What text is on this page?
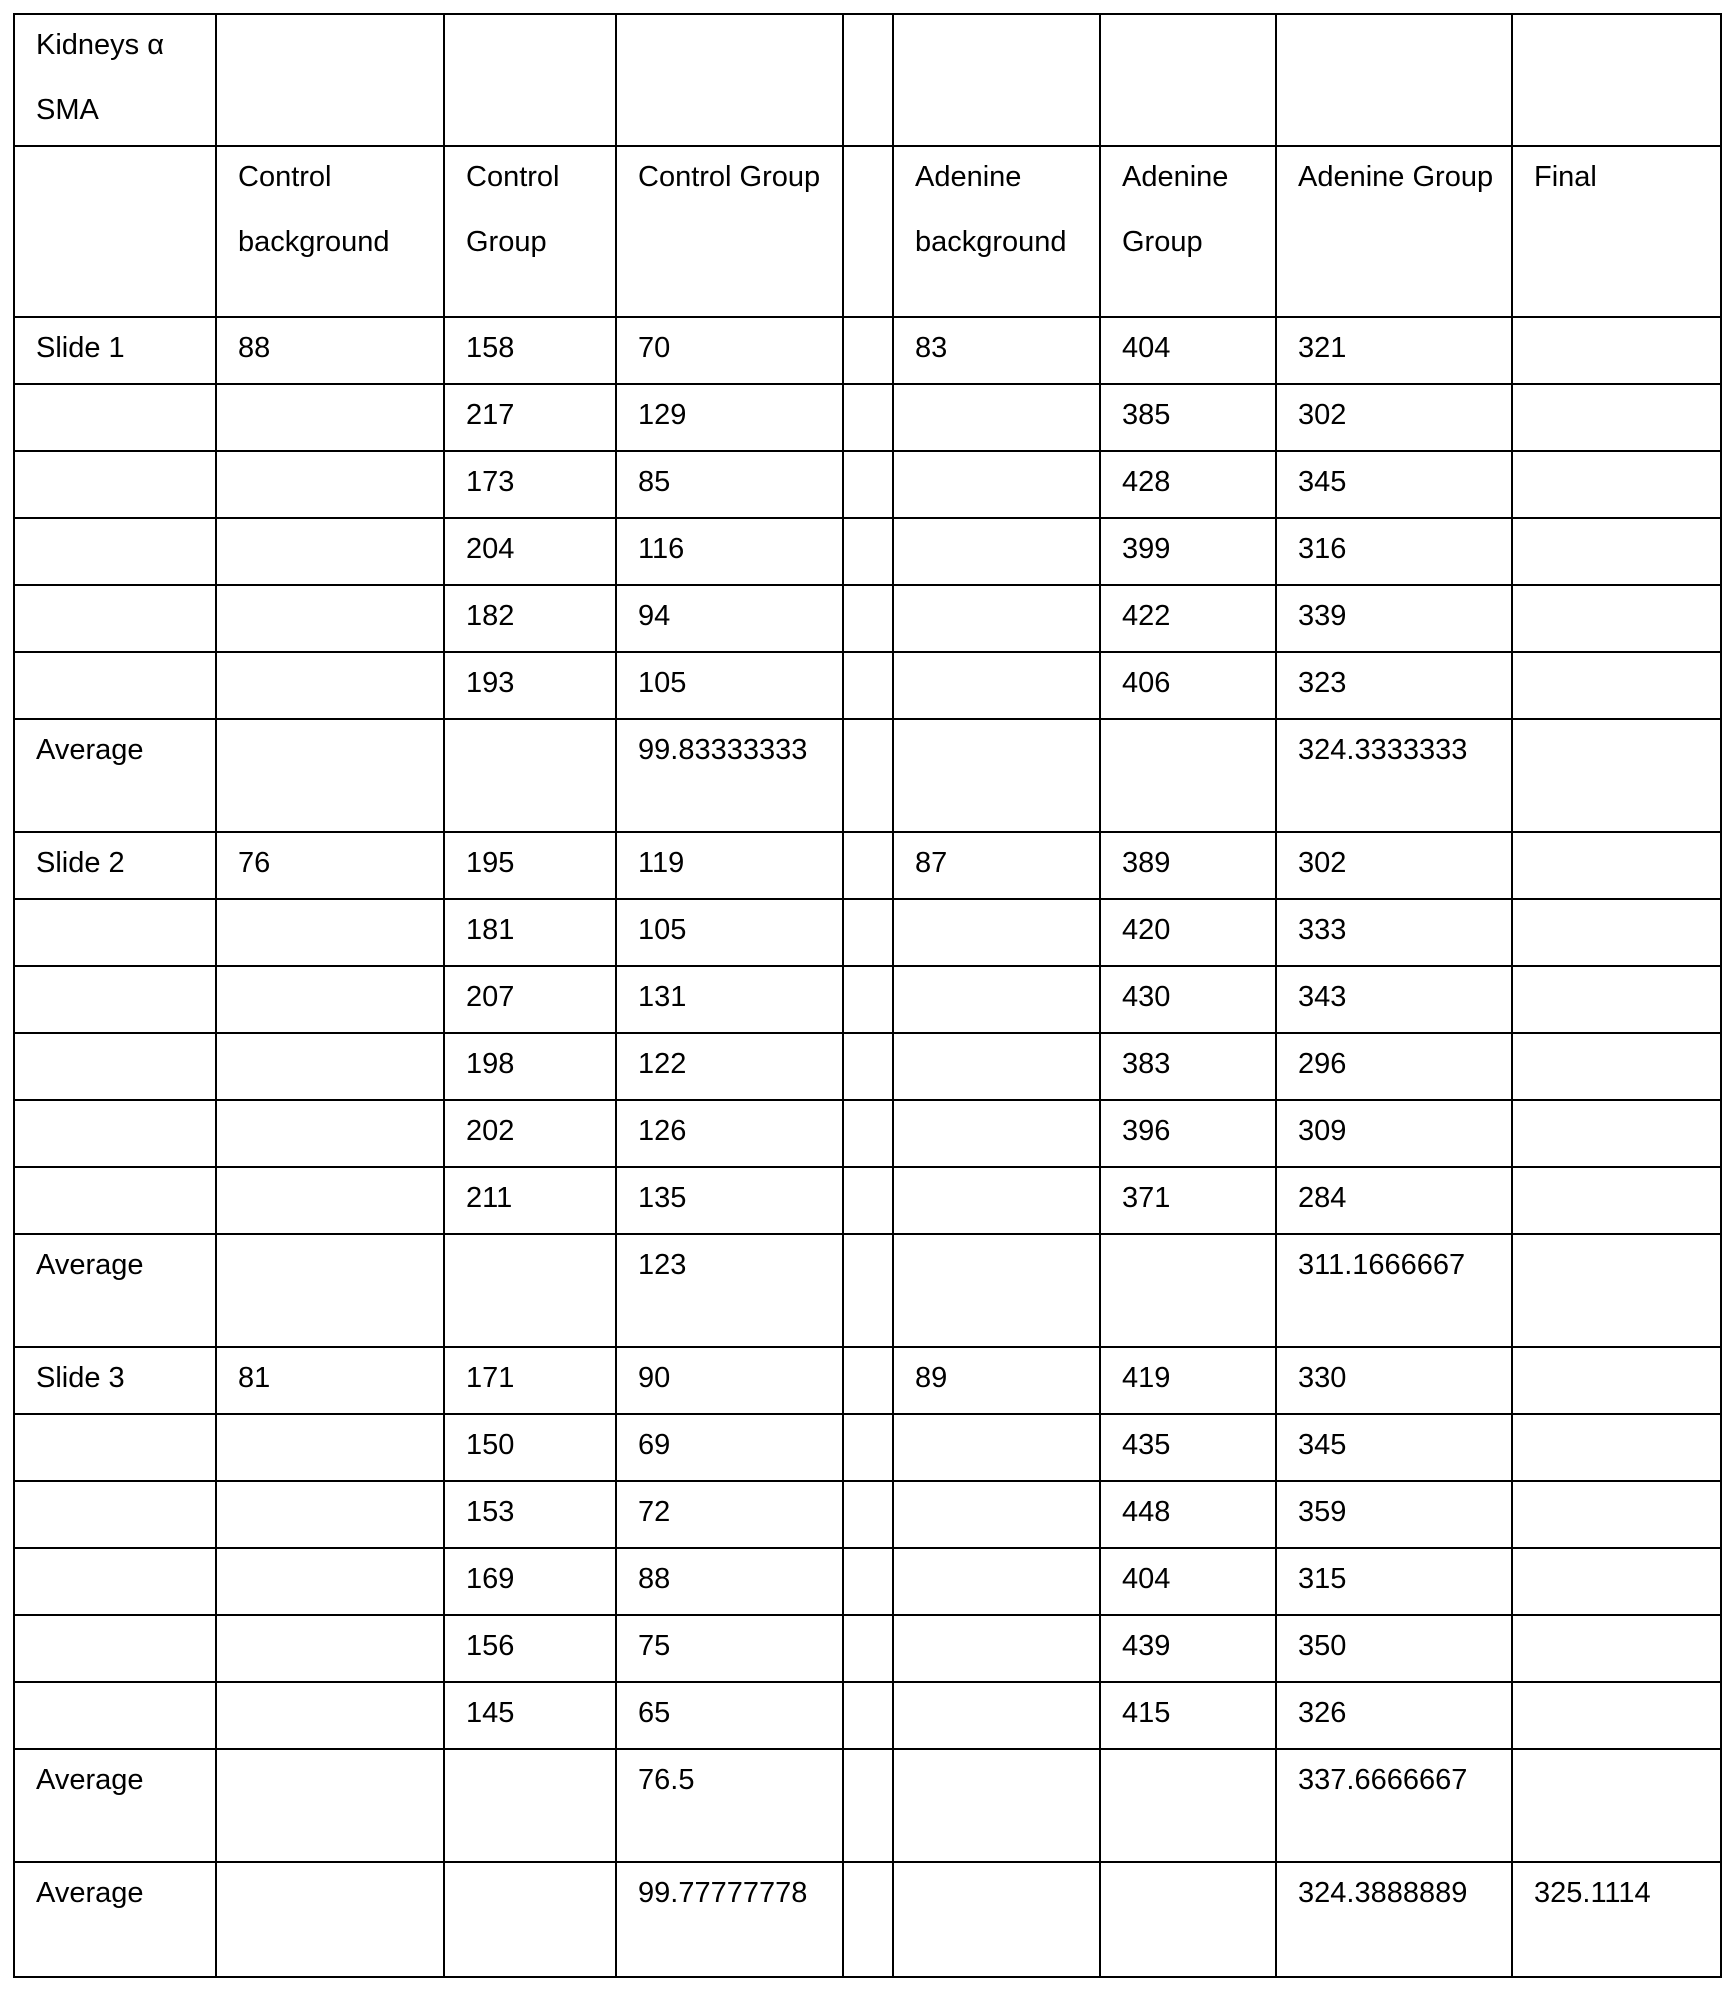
Kidneys α SMA								

	Control background	Control Group	Control Group		Adenine background	Adenine Group	Adenine Group	Final

Slide 1	88	158	70		83	404	321	

		217	129			385	302	

		173	85			428	345	

		204	116			399	316	

		182	94			422	339	

		193	105			406	323	

Average			99.83333333				324.3333333	

Slide 2	76	195	119		87	389	302	

		181	105			420	333	

		207	131			430	343	

		198	122			383	296	

		202	126			396	309	

		211	135			371	284	

Average			123				311.1666667	

Slide 3	81	171	90		89	419	330	

		150	69			435	345	

		153	72			448	359	

		169	88			404	315	

		156	75			439	350	

		145	65			415	326	

Average			76.5				337.6666667	

Average			99.77777778				324.3888889	325.1114
